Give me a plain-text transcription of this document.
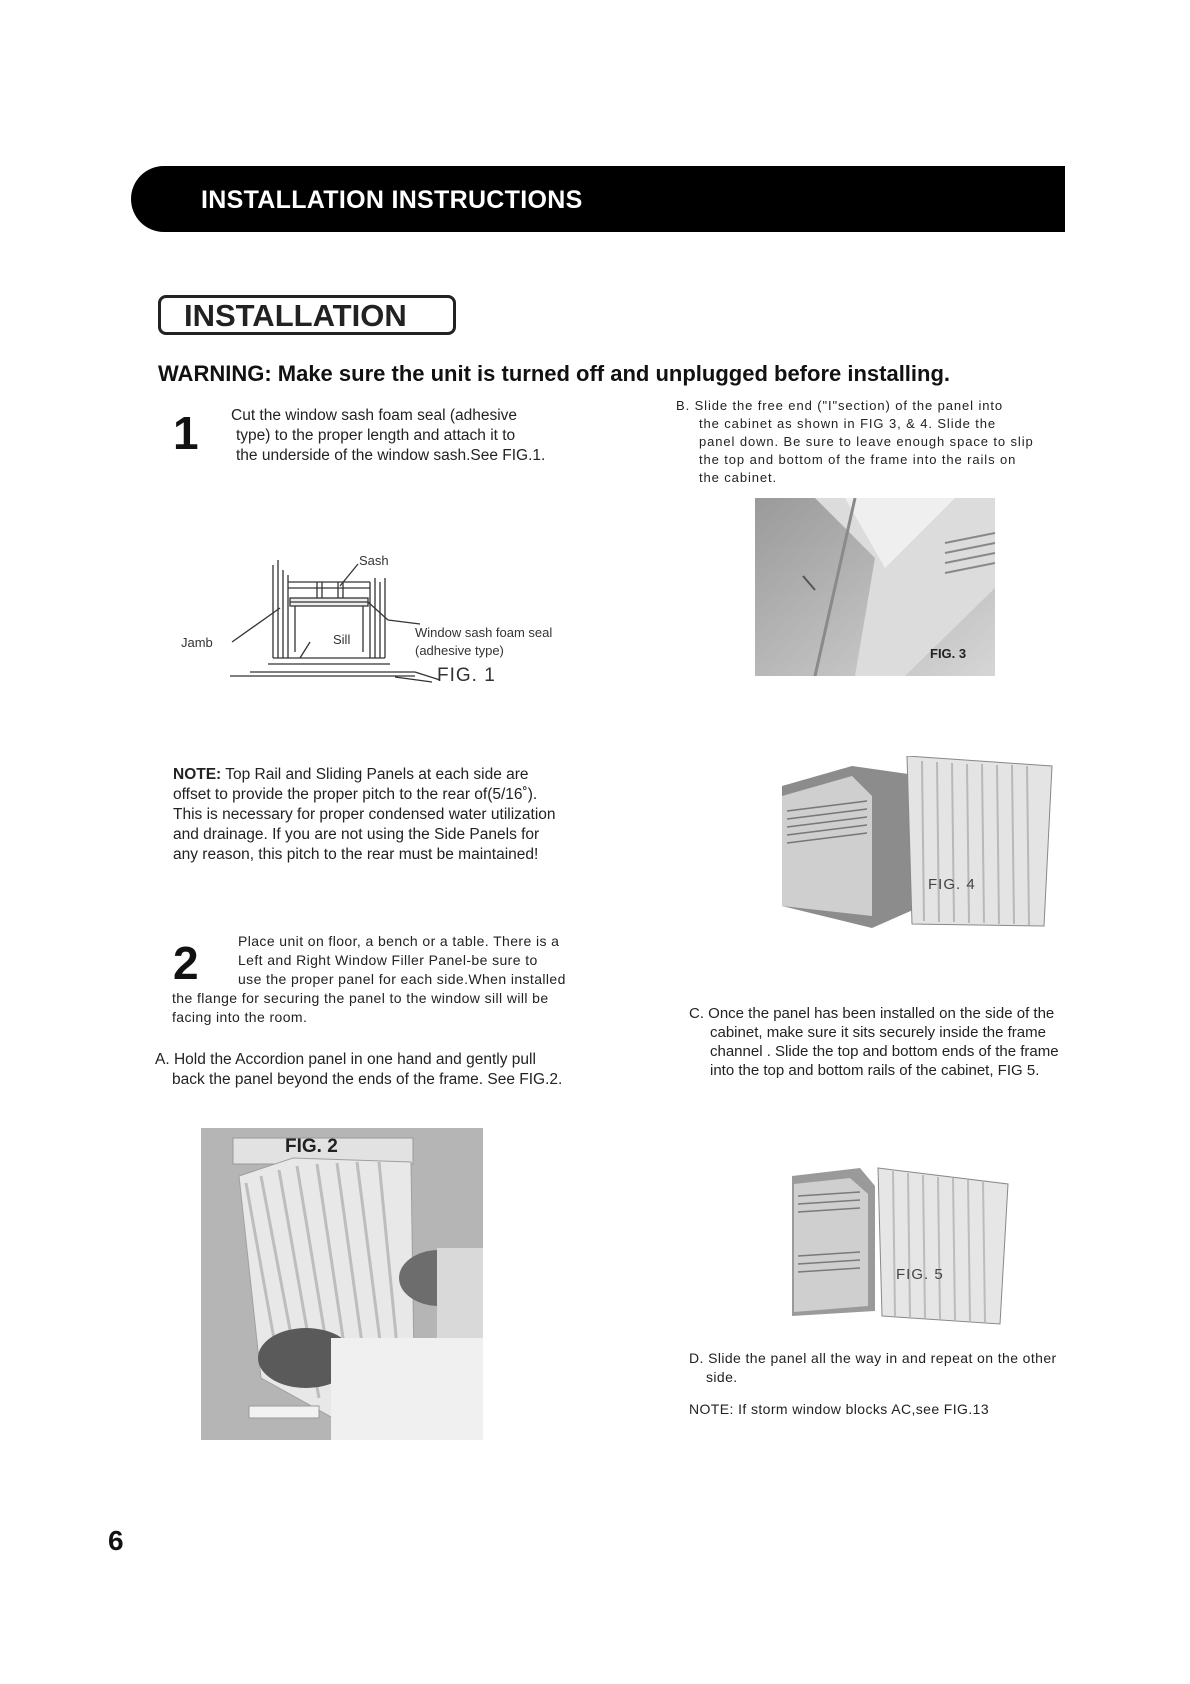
INSTALLATION INSTRUCTIONS
INSTALLATION
WARNING: Make sure the unit is turned off and unplugged before installing.
1 Cut the window sash foam seal (adhesive
type) to the proper length and attach it to
the underside of the window sash.See FIG.1.
Sash
Jamb	Sill	Window sash foam seal
(adhesive type)
FIG. 1
NOTE: Top Rail and Sliding Panels at each side are
offset to provide the proper pitch to the rear of(5/16˚).
This is necessary for proper condensed water utilization
and drainage. If you are not using the Side Panels for
any reason, this pitch to the rear must be maintained!
2	Place unit on floor, a bench or a table. There is a
Left and Right Window Filler Panel-be sure to
use the proper panel for each side.When installed
the flange for securing the panel to the window sill will be
facing into the room.
A. Hold the Accordion panel in one hand and gently pull
back the panel beyond the ends of the frame. See FIG.2.
FIG. 2
B. Slide the free end ("I"section) of the panel into
the cabinet as shown in FIG 3, & 4. Slide the
panel down. Be sure to leave enough space to slip
the top and bottom of the frame into the rails on
the cabinet.
FIG. 3
FIG. 4
C. Once the panel has been installed on the side of the
cabinet, make sure it sits securely inside the frame
channel . Slide the top and bottom ends of the frame
into the top and bottom rails of the cabinet, FIG 5.
FIG. 5
D. Slide the panel all the way in and repeat on the other
side.
NOTE: If storm window blocks AC,see FIG.13
6
